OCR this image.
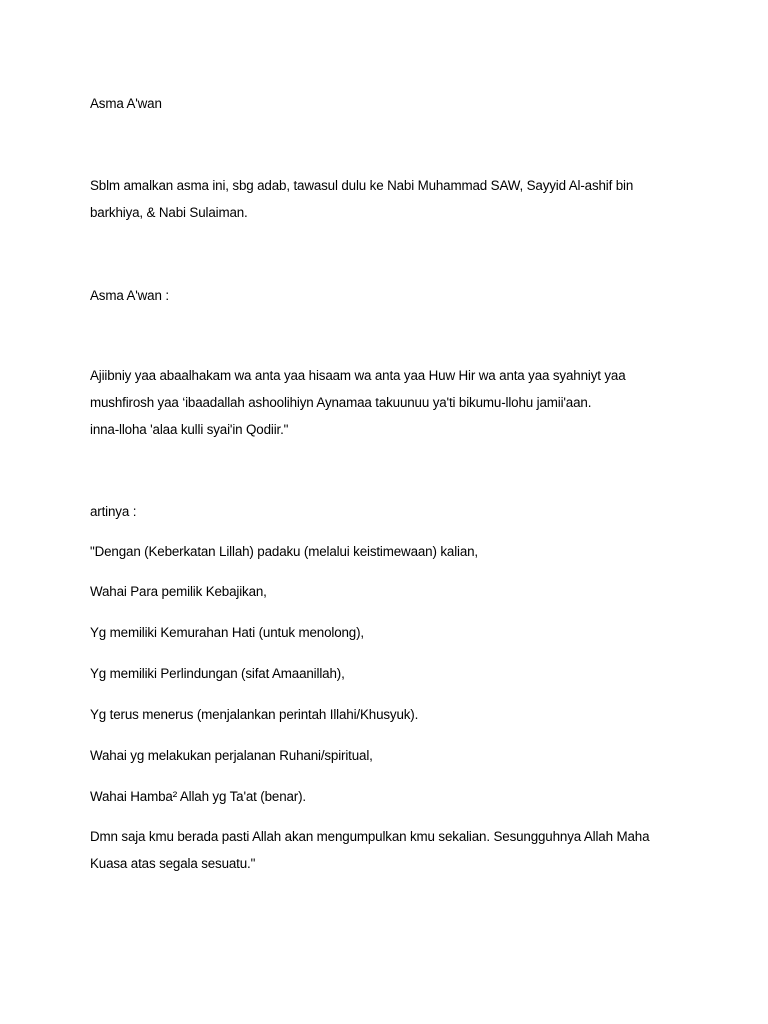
Asma A'wan
Sblm amalkan asma ini, sbg adab, tawasul dulu ke Nabi Muhammad SAW, Sayyid Al-ashif bin
barkhiya, & Nabi Sulaiman.
Asma A'wan :
Ajiibniy yaa abaalhakam wa anta yaa hisaam wa anta yaa Huw Hir wa anta yaa syahniyt yaa
mushfirosh yaa ‘ibaadallah ashoolihiyn Aynamaa takuunuu ya'ti bikumu-llohu jamii'aan.
inna-lloha 'alaa kulli syai'in Qodiir."
artinya :
"Dengan (Keberkatan Lillah) padaku (melalui keistimewaan) kalian,
Wahai Para pemilik Kebajikan,
Yg memiliki Kemurahan Hati (untuk menolong),
Yg memiliki Perlindungan (sifat Amaanillah),
Yg terus menerus (menjalankan perintah Illahi/Khusyuk).
Wahai yg melakukan perjalanan Ruhani/spiritual,
Wahai Hamba² Allah yg Ta'at (benar).
Dmn saja kmu berada pasti Allah akan mengumpulkan kmu sekalian. Sesungguhnya Allah Maha
Kuasa atas segala sesuatu."
